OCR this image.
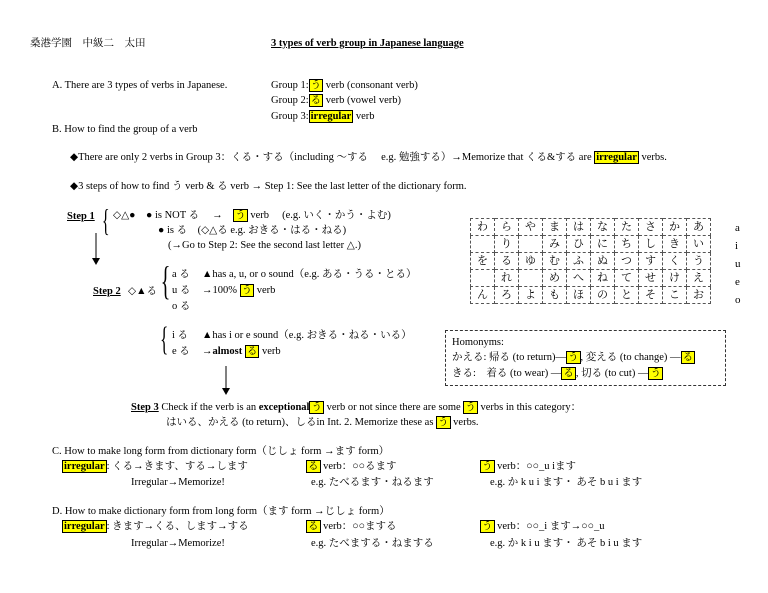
桑港学園　中級二　太田	3 types of verb group in Japanese language
A. There are 3 types of verbs in Japanese.	Group 1: う verb (consonant verb)
Group 2: る verb (vowel verb)
Group 3: irregular verb
B. How to find the group of a verb
◆There are only 2 verbs in Group 3：くる・する（including ～する　 e.g. 勉強する）→Memorize that くる&する are irregular verbs.
◆3 steps of how to find う verb & る verb → Step 1: See the last letter of the dictionary form.
Step 1 { ◇△●　● is NOT る　 →　う verb　 (e.g. いく・かう・よむ)
● is る　(◇△る e.g. おきる・はる・ねる)
(→Go to Step 2: See the second last letter △.)
わ	ら	や	ま	は	な	た	さ	か	あ
	り		み	ひ	に	ち	し	き	い
を	る	ゆ	む	ふ	ぬ	つ	す	く	う
	れ		め	へ	ね	て	せ	け	え
ん	ろ	よ	も	ほ	の	と	そ	こ	お
a
i
u
e
o
Step 2 ◇▲る { a る
u る
o る
▲has a, u, or o sound（e.g. ある・うる・とる）
→100% う verb
{ i る
e る
▲has i or e sound（e.g. おきる・ねる・いる）
→almost る verb
Homonyms:
かえる: 帰る (to return)— う , 変える (to change) — る
きる:　着る (to wear) — る , 切る (to cut) — う
Step 3 Check if the verb is an exceptional う verb or not since there are some う verbs in this category：
はいる、かえる (to return)、しるin Int. 2. Memorize these as う verbs.
C. How to make long form from dictionary form（じしょ form →ます form）
irregular : くる→きます、する→します
Irregular→Memorize!
る verb：○○るます
e.g. たべるます・ねるます
う verb：○○_u iます
e.g. か k u i ます・ あそ b u i ます
D. How to make dictionary form from long form（ます form →じしょ form）
irregular : きます→くる、します→する
Irregular→Memorize!
る verb：○○まする
e.g. たべまする・ねまする
う verb：○○_i ます→○○_u
e.g. か k i u ます・ あそ b i u ます
